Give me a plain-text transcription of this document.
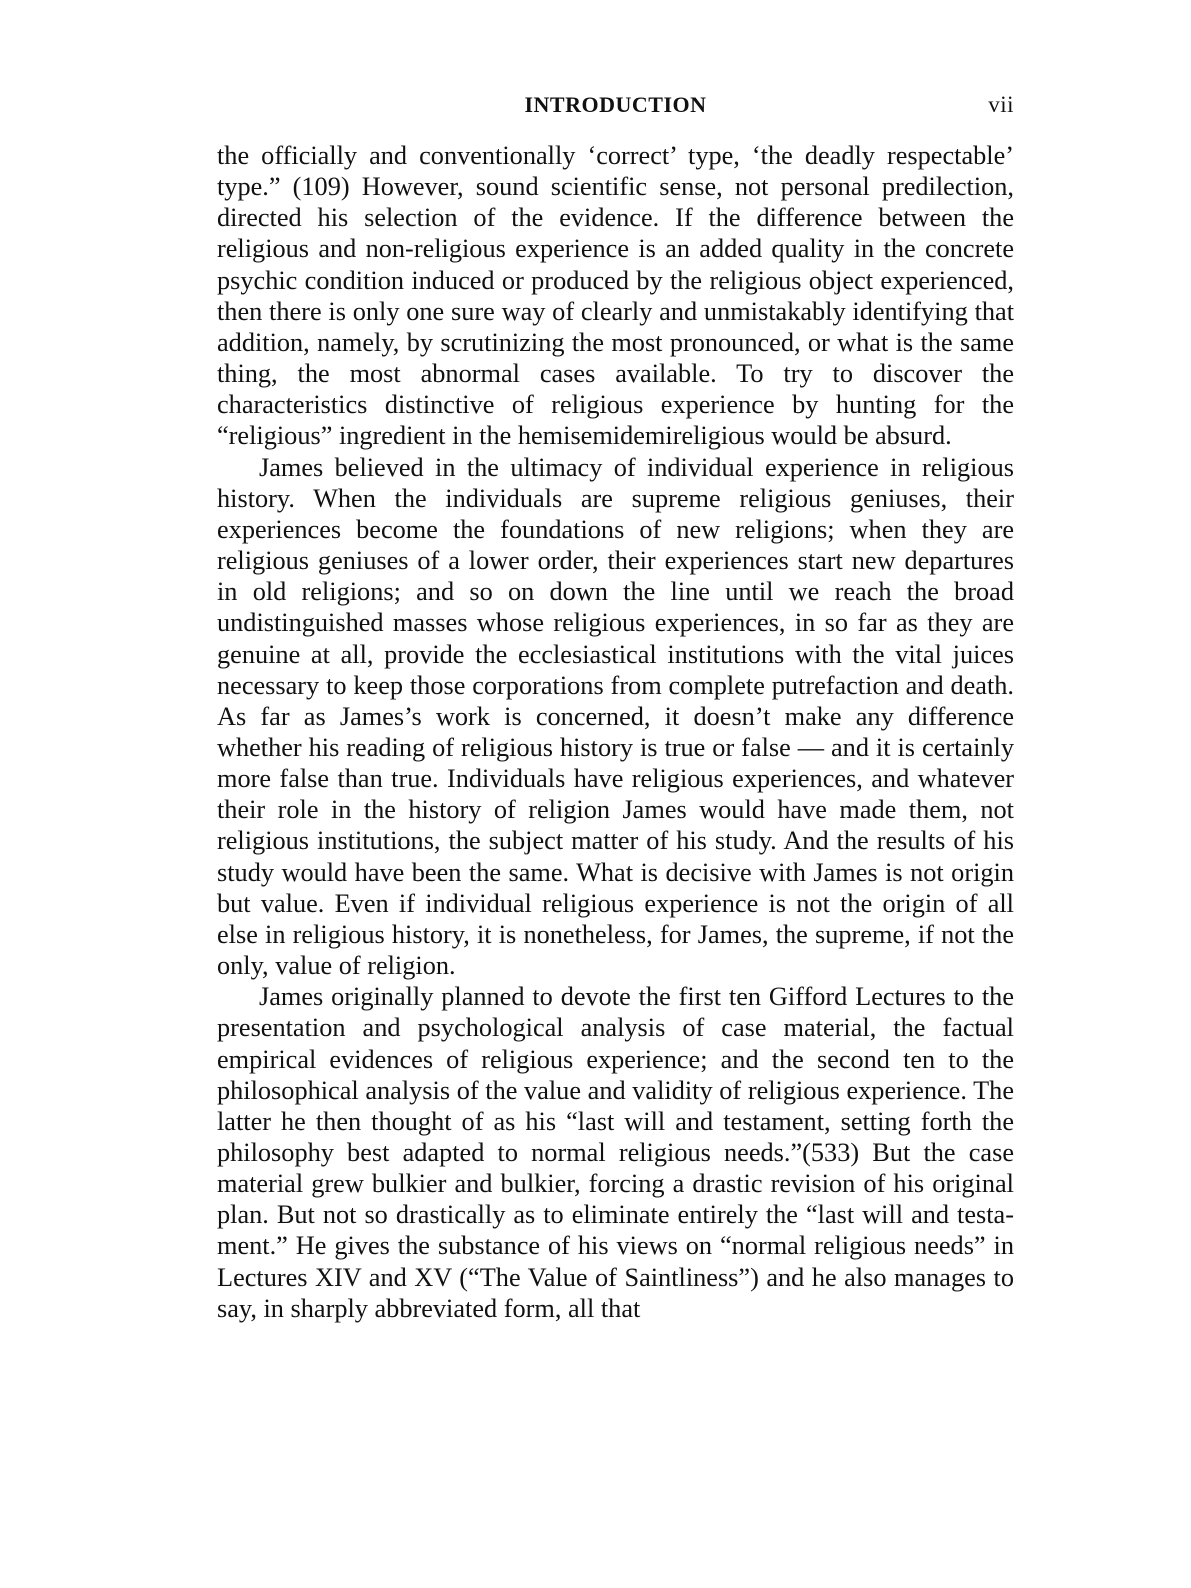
INTRODUCTION	vii

the officially and conventionally ‘correct’ type, ‘the deadly respectable’ type.” (109) However, sound scientific sense, not personal predilection, directed his selection of the evidence. If the difference between the religious and non-religious experience is an added quality in the concrete psychic condition induced or produced by the religious object experienced, then there is only one sure way of clearly and unmistakably identifying that addition, namely, by scrutinizing the most pronounced, or what is the same thing, the most abnormal cases available. To try to discover the characteristics distinctive of religious experience by hunting for the “religious” ingredient in the hemisemidemireligious would be absurd.

James believed in the ultimacy of individual experience in religious history. When the individuals are supreme religious geniuses, their experiences become the foundations of new religions; when they are religious geniuses of a lower order, their experiences start new departures in old religions; and so on down the line until we reach the broad undistinguished masses whose religious experiences, in so far as they are genuine at all, provide the ecclesiastical institutions with the vital juices necessary to keep those corporations from complete putrefaction and death. As far as James’s work is concerned, it doesn’t make any difference whether his reading of religious history is true or false — and it is certainly more false than true. Individuals have religious experiences, and whatever their role in the history of religion James would have made them, not religious institutions, the subject matter of his study. And the results of his study would have been the same. What is decisive with James is not origin but value. Even if individual religious experience is not the origin of all else in religious history, it is nonetheless, for James, the supreme, if not the only, value of religion.

James originally planned to devote the first ten Gifford Lectures to the presentation and psychological analysis of case material, the factual empirical evidences of religious experience; and the second ten to the philosophical analysis of the value and validity of religious experience. The latter he then thought of as his “last will and testament, setting forth the philosophy best adapted to normal religious needs.”(533) But the case material grew bulkier and bulkier, forcing a drastic revision of his original plan. But not so drastically as to eliminate entirely the “last will and testament.” He gives the substance of his views on “normal religious needs” in Lectures XIV and XV (“The Value of Saintliness”) and he also manages to say, in sharply abbreviated form, all that
